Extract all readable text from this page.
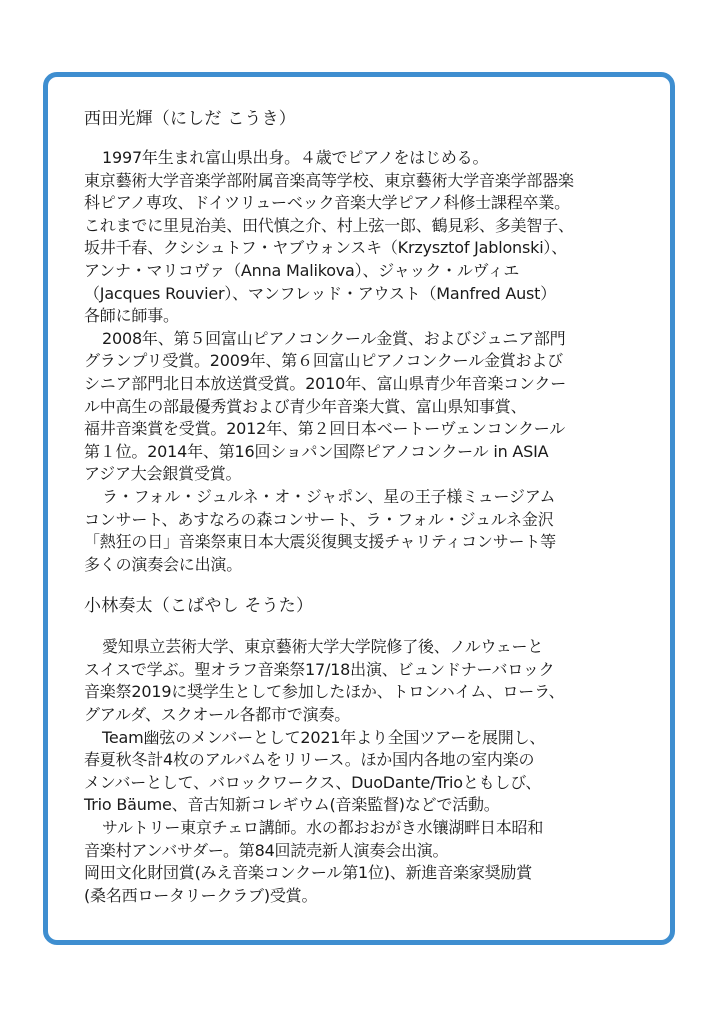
西田光輝（にしだ こうき）
1997年生まれ富山県出身。４歳でピアノをはじめる。
東京藝術大学音楽学部附属音楽高等学校、東京藝術大学音楽学部器楽
科ピアノ専攻、ドイツリューベック音楽大学ピアノ科修士課程卒業。
これまでに里見治美、田代慎之介、村上弦一郎、鶴見彩、多美智子、
坂井千春、クシシュトフ・ヤブウォンスキ（Krzysztof Jablonski）、
アンナ・マリコヴァ（Anna Malikova）、ジャック・ルヴィエ
（Jacques Rouvier）、マンフレッド・アウスト（Manfred Aust）
各師に師事。
2008年、第５回富山ピアノコンクール金賞、およびジュニア部門
グランプリ受賞。2009年、第６回富山ピアノコンクール金賞および
シニア部門北日本放送賞受賞。2010年、富山県青少年音楽コンクー
ル中高生の部最優秀賞および青少年音楽大賞、富山県知事賞、
福井音楽賞を受賞。2012年、第２回日本ベートーヴェンコンクール
第１位。2014年、第16回ショパン国際ピアノコンクール in ASIA
アジア大会銀賞受賞。
ラ・フォル・ジュルネ・オ・ジャポン、星の王子様ミュージアム
コンサート、あすなろの森コンサート、ラ・フォル・ジュルネ金沢
「熱狂の日」音楽祭東日本大震災復興支援チャリティコンサート等
多くの演奏会に出演。
小林奏太（こばやし そうた）
愛知県立芸術大学、東京藝術大学大学院修了後、ノルウェーと
スイスで学ぶ。聖オラフ音楽祭17/18出演、ビュンドナーバロック
音楽祭2019に奨学生として参加したほか、トロンハイム、ローラ、
グアルダ、スクオール各都市で演奏。
Team幽弦のメンバーとして2021年より全国ツアーを展開し、
春夏秋冬計4枚のアルバムをリリース。ほか国内各地の室内楽の
メンバーとして、バロックワークス、DuoDante/Trioともしび、
Trio Bäume、音古知新コレギウム(音楽監督)などで活動。
サルトリー東京チェロ講師。水の都おおがき水镶湖畔日本昭和
音楽村アンバサダー。第84回読売新人演奏会出演。
岡田文化財団賞(みえ音楽コンクール第1位)、新進音楽家奨励賞
(桑名西ロータリークラブ)受賞。
